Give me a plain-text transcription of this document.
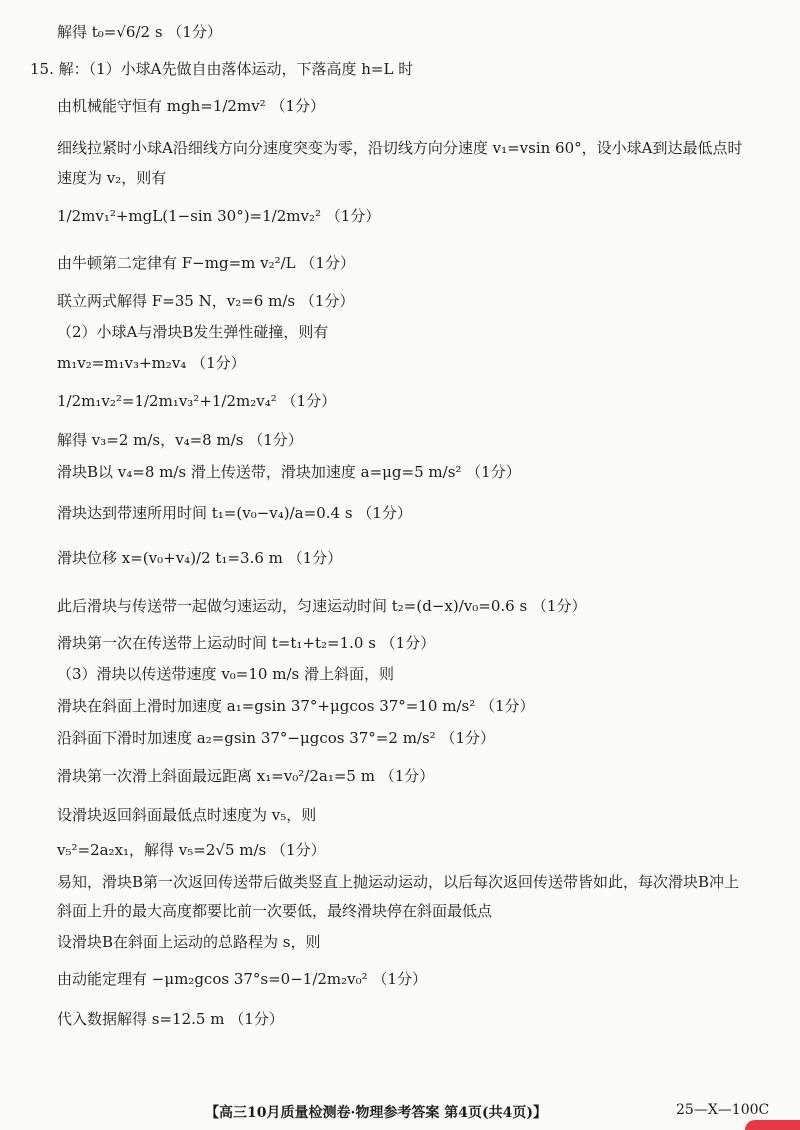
解得 t₀=√6/2 s （1分）
15. 解：（1）小球A先做自由落体运动，下落高度 h=L 时
由机械能守恒有 mgh=1/2mv² （1分）
细线拉紧时小球A沿细线方向分速度突变为零，沿切线方向分速度 v₁=vsin 60°，设小球A到达最低点时
速度为 v₂，则有
1/2mv₁²+mgL(1−sin 30°)=1/2mv₂² （1分）
由牛顿第二定律有 F−mg=m v₂²/L （1分）
联立两式解得 F=35 N，v₂=6 m/s （1分）
（2）小球A与滑块B发生弹性碰撞，则有
m₁v₂=m₁v₃+m₂v₄ （1分）
1/2m₁v₂²=1/2m₁v₃²+1/2m₂v₄² （1分）
解得 v₃=2 m/s，v₄=8 m/s （1分）
滑块B以 v₄=8 m/s 滑上传送带，滑块加速度 a=μg=5 m/s² （1分）
滑块达到带速所用时间 t₁=(v₀−v₄)/a=0.4 s （1分）
滑块位移 x=(v₀+v₄)/2 t₁=3.6 m （1分）
此后滑块与传送带一起做匀速运动，匀速运动时间 t₂=(d−x)/v₀=0.6 s （1分）
滑块第一次在传送带上运动时间 t=t₁+t₂=1.0 s （1分）
（3）滑块以传送带速度 v₀=10 m/s 滑上斜面，则
滑块在斜面上滑时加速度 a₁=gsin 37°+μgcos 37°=10 m/s² （1分）
沿斜面下滑时加速度 a₂=gsin 37°−μgcos 37°=2 m/s² （1分）
滑块第一次滑上斜面最远距离 x₁=v₀²/2a₁=5 m （1分）
设滑块返回斜面最低点时速度为 v₅，则
v₅²=2a₂x₁，解得 v₅=2√5 m/s （1分）
易知，滑块B第一次返回传送带后做类竖直上抛运动运动，以后每次返回传送带皆如此，每次滑块B冲上
斜面上升的最大高度都要比前一次要低，最终滑块停在斜面最低点
设滑块B在斜面上运动的总路程为 s，则
由动能定理有 −μm₂gcos 37°s=0−1/2m₂v₀² （1分）
代入数据解得 s=12.5 m （1分）
【高三10月质量检测卷·物理参考答案 第4页(共4页)】	25—X—100C
